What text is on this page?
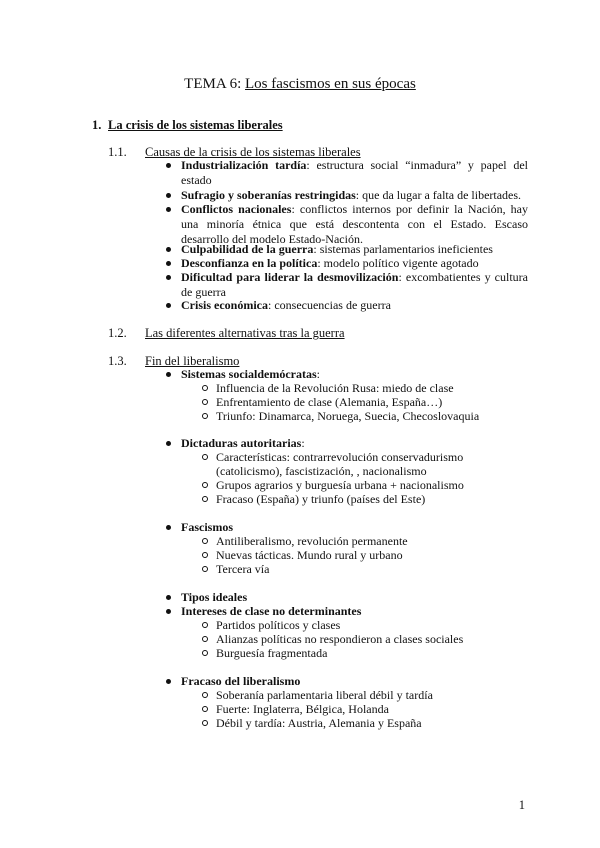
TEMA 6: Los fascismos en sus épocas
1. La crisis de los sistemas liberales
1.1. Causas de la crisis de los sistemas liberales
Industrialización tardía: estructura social “inmadura” y papel del estado
Sufragio y soberanías restringidas: que da lugar a falta de libertades.
Conflictos nacionales: conflictos internos por definir la Nación, hay una minoría étnica que está descontenta con el Estado. Escaso desarrollo del modelo Estado-Nación.
Culpabilidad de la guerra: sistemas parlamentarios ineficientes
Desconfianza en la política: modelo político vigente agotado
Dificultad para liderar la desmovilización: excombatientes y cultura de guerra
Crisis económica: consecuencias de guerra
1.2. Las diferentes alternativas tras la guerra
1.3. Fin del liberalismo
Sistemas socialdemócratas:
Influencia de la Revolución Rusa: miedo de clase
Enfrentamiento de clase (Alemania, España…)
Triunfo: Dinamarca, Noruega, Suecia, Checoslovaquia
Dictaduras autoritarias:
Características: contrarrevolución conservadurismo
(catolicismo), fascistización, , nacionalismo
Grupos agrarios y burguesía urbana + nacionalismo
Fracaso (España) y triunfo (países del Este)
Fascismos
Antiliberalismo, revolución permanente
Nuevas tácticas. Mundo rural y urbano
Tercera vía
Tipos ideales
Intereses de clase no determinantes
Partidos políticos y clases
Alianzas políticas no respondieron a clases sociales
Burguesía fragmentada
Fracaso del liberalismo
Soberanía parlamentaria liberal débil y tardía
Fuerte: Inglaterra, Bélgica, Holanda
Débil y tardía: Austria, Alemania y España
1
